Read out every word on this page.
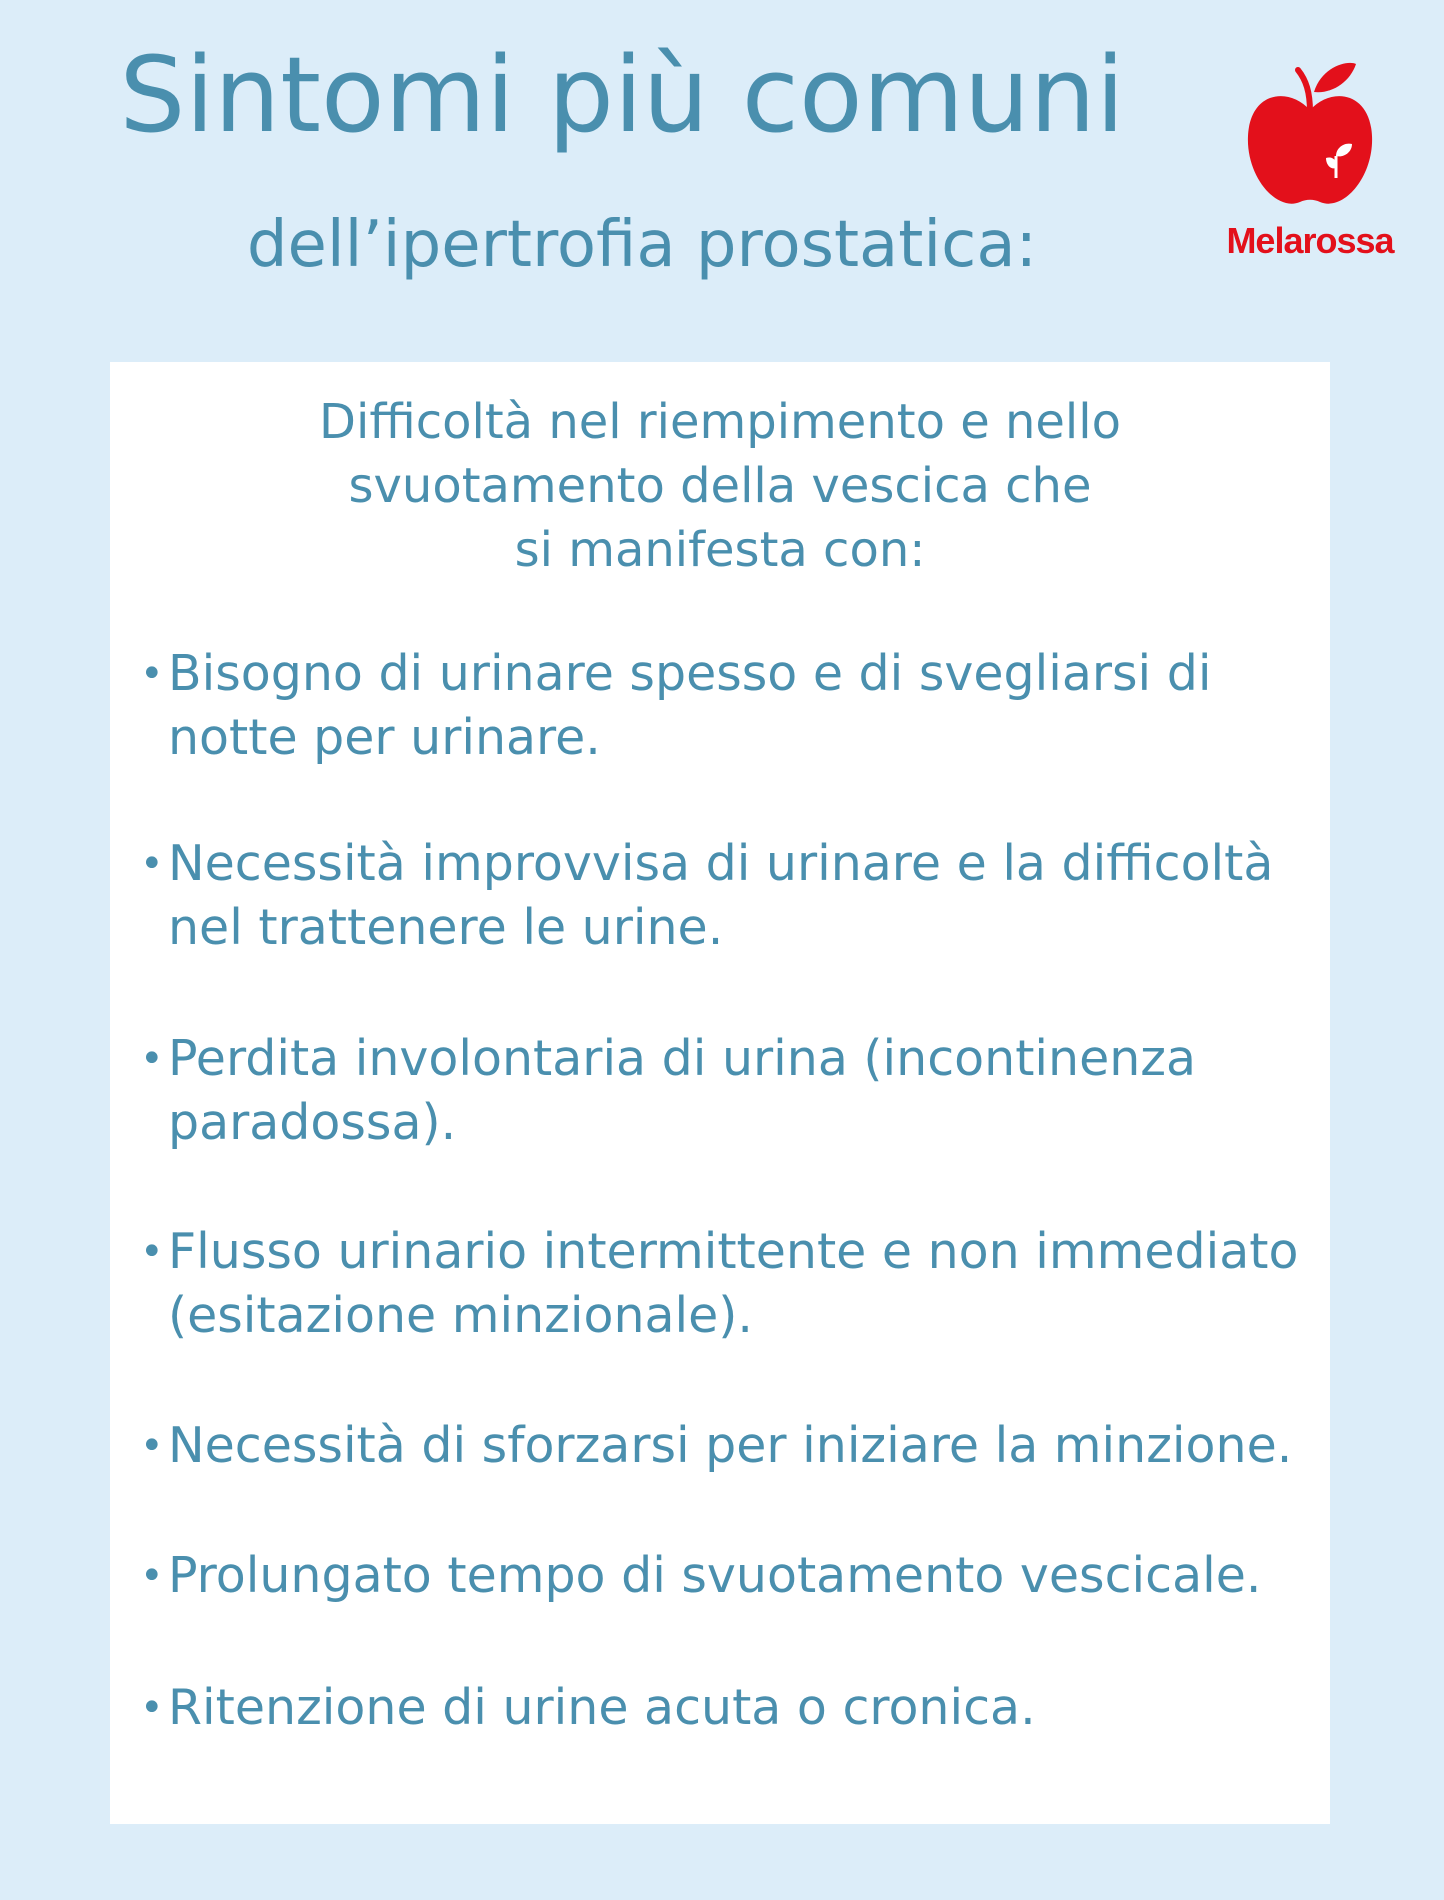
Sintomi più comuni
dell’ipertrofia prostatica:	Melarossa

Difficoltà nel riempimento e nello
svuotamento della vescica che
si manifesta con:

• Bisogno di urinare spesso e di svegliarsi di notte per urinare.
• Necessità improvvisa di urinare e la difficoltà nel trattenere le urine.
• Perdita involontaria di urina (incontinenza paradossa).
• Flusso urinario intermittente e non immediato (esitazione minzionale).
• Necessità di sforzarsi per iniziare la minzione.
• Prolungato tempo di svuotamento vescicale.
• Ritenzione di urine acuta o cronica.
